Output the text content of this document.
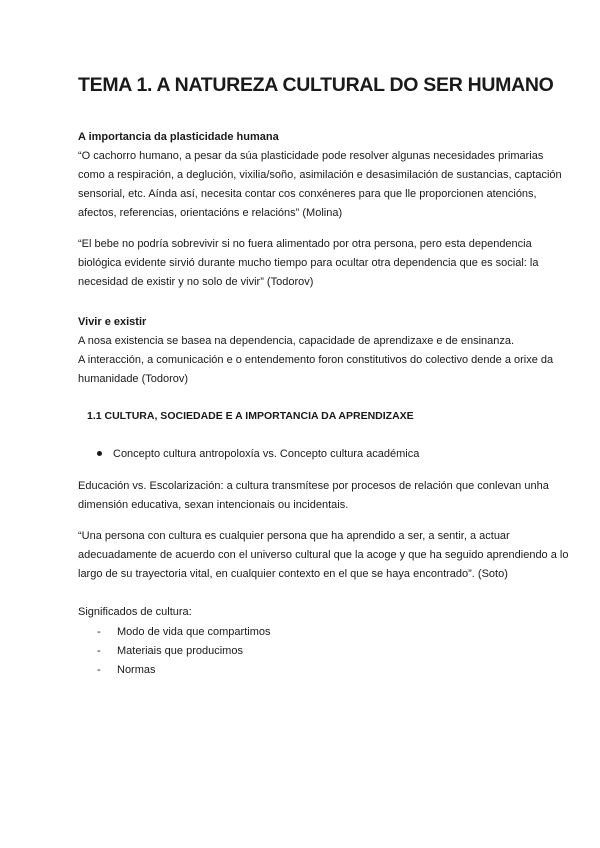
TEMA 1. A NATUREZA CULTURAL DO SER HUMANO

A importancia da plasticidade humana

“O cachorro humano, a pesar da súa plasticidade pode resolver algunas necesidades primarias como a respiración, a deglución, vixilia/soño, asimilación e desasimilación de sustancias, captación sensorial, etc. Aínda así, necesita contar cos conxéneres para que lle proporcionen atencións, afectos, referencias, orientacións e relacións” (Molina)

“El bebe no podría sobrevivir si no fuera alimentado por otra persona, pero esta dependencia biológica evidente sirvió durante mucho tiempo para ocultar otra dependencia que es social: la necesidad de existir y no solo de vivir” (Todorov)

Vivir e existir

A nosa existencia se basea na dependencia, capacidade de aprendizaxe e de ensinanza.

A interacción, a comunicación e o entendemento foron constitutivos do colectivo dende a orixe da humanidade (Todorov)

1.1 CULTURA, SOCIEDADE E A IMPORTANCIA DA APRENDIZAXE
Concepto cultura antropoloxía vs. Concepto cultura académica

Educación vs. Escolarización: a cultura transmítese por procesos de relación que conlevan unha dimensión educativa, sexan intencionais ou incidentais.

“Una persona con cultura es cualquier persona que ha aprendido a ser, a sentir, a actuar adecuadamente de acuerdo con el universo cultural que la acoge y que ha seguido aprendiendo a lo largo de su trayectoria vital, en cualquier contexto en el que se haya encontrado”. (Soto)

Significados de cultura:

- Modo de vida que compartimos
- Materiais que producimos
- Normas
